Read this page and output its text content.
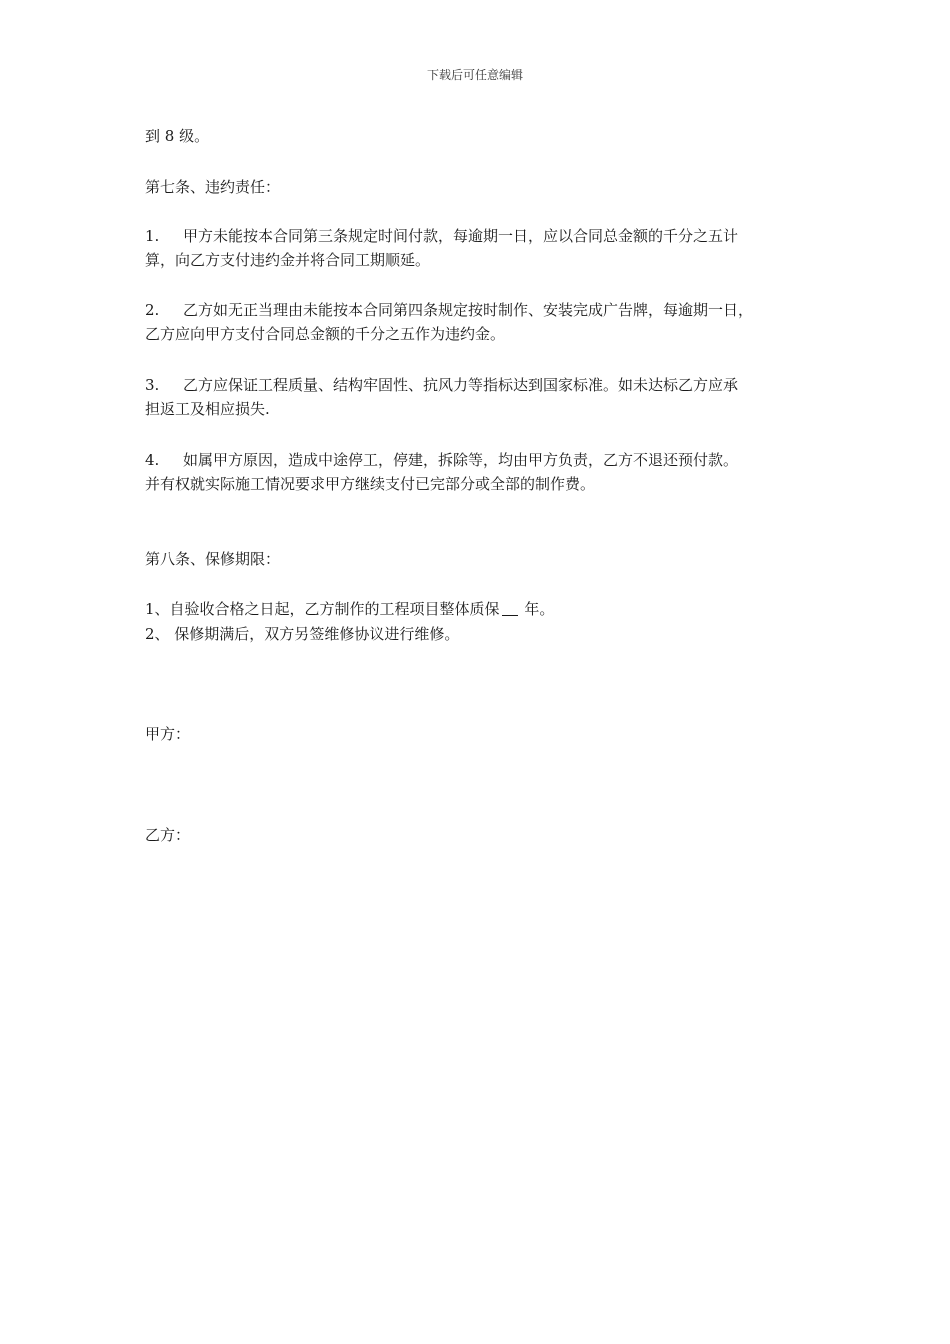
下载后可任意编辑
到 8 级。
第七条、违约责任：
1. 甲方未能按本合同第三条规定时间付款，每逾期一日，应以合同总金额的千分之五计
算，向乙方支付违约金并将合同工期顺延。
2. 乙方如无正当理由未能按本合同第四条规定按时制作、安装完成广告牌，每逾期一日，
乙方应向甲方支付合同总金额的千分之五作为违约金。
3. 乙方应保证工程质量、结构牢固性、抗风力等指标达到国家标准。如未达标乙方应承
担返工及相应损失.
4. 如属甲方原因，造成中途停工，停建，拆除等，均由甲方负责，乙方不退还预付款。
并有权就实际施工情况要求甲方继续支付已完部分或全部的制作费。
第八条、保修期限：
1、自验收合格之日起，乙方制作的工程项目整体质保 年。
2、 保修期满后，双方另签维修协议进行维修。
甲方：
乙方：
